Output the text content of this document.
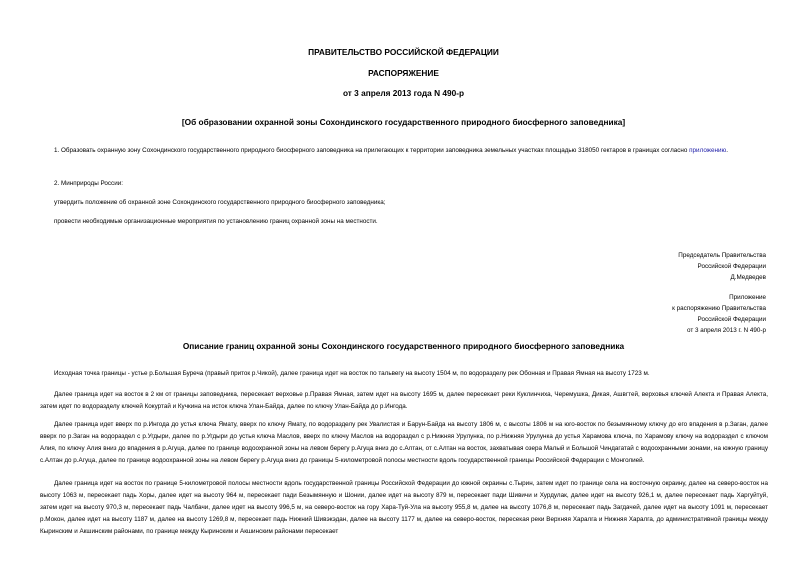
ПРАВИТЕЛЬСТВО РОССИЙСКОЙ ФЕДЕРАЦИИ
РАСПОРЯЖЕНИЕ
от 3 апреля 2013 года N 490-р
[Об образовании охранной зоны Сохондинского государственного природного биосферного заповедника]
1. Образовать охранную зону Сохондинского государственного природного биосферного заповедника на прилегающих к территории заповедника земельных участках площадью 318050 гектаров в границах согласно приложению.
2. Минприроды России:
утвердить положение об охранной зоне Сохондинского государственного природного биосферного заповедника;
провести необходимые организационные мероприятия по установлению границ охранной зоны на местности.
Председатель Правительства
Российской Федерации
Д.Медведев
Приложение
к распоряжению Правительства
Российской Федерации
от 3 апреля 2013 г. N 490-р
Описание границ охранной зоны Сохондинского государственного природного биосферного заповедника
Исходная точка границы - устье р.Большая Буреча (правый приток р.Чикой), далее граница идет на восток по тальвегу на высоту 1504 м, по водоразделу рек Обонная и Правая Ямная на высоту 1723 м.
Далее граница идет на восток в 2 км от границы заповедника, пересекает верховье р.Правая Ямная, затем идет на высоту 1695 м, далее пересекает реки Куклинчиха, Черемушка, Дикая, Ашвгтей, верховья ключей Алекта и Правая Алекта, затем идет по водоразделу ключей Кокуртай и Кучкина на исток ключа Улан-Байда, далее по ключу Улан-Байда до р.Ингода.
Далее граница идет вверх по р.Ингода до устья ключа Ямату, вверх по ключу Ямату, по водоразделу рек Увалистая и Барун-Байда на высоту 1806 м, с высоты 1806 м на юго-восток по безымянному ключу до его впадения в р.Заган, далее вверх по р.Заган на водораздел с р.Угдыри, далее по р.Угдыри до устья ключа Маслов, вверх по ключу Маслов на водораздел с р.Нижняя Урулунка, по р.Нижняя Урулунка до устья Харамова ключа, по Харамову ключу на водораздел с ключом Алия, по ключу Алия вниз до впадения в р.Агуца, далее по границе водоохранной зоны на левом берегу р.Агуца вниз до с.Алтан, от с.Алтан на восток, захватывая озера Малый и Большой Чиндагатай с водоохранными зонами, на южную границу с.Алтан до р.Агуца, далее по границе водоохранной зоны на левом берегу р.Агуца вниз до границы 5-километровой полосы местности вдоль государственной границы Российской Федерации с Монголией.
Далее граница идет на восток по границе 5-километровой полосы местности вдоль государственной границы Российской Федерации до южной окраины с.Тырин, затем идет по границе села на восточную окраину, далее на северо-восток на высоту 1063 м, пересекает падь Хоры, далее идет на высоту 964 м, пересекает пади Безымянную и Шонии, далее идет на высоту 879 м, пересекает пади Шивичи и Хурдулак, далее идет на высоту 926,1 м, далее пересекает падь Харгуйтуй, затем идет на высоту 970,3 м, пересекает падь Чалбачи, далее идет на высоту 996,5 м, на северо-восток на гору Хара-Туй-Ула на высоту 955,8 м, далее на высоту 1076,8 м, пересекает падь Загдачей, далее идет на высоту 1091 м, пересекает р.Мокон, далее идет на высоту 1187 м, далее на высоту 1269,8 м, пересекает падь Нижний Шивэкэдан, далее на высоту 1177 м, далее на северо-восток, пересекая реки Верхняя Харалга и Нижняя Харалга, до административной границы между Кыринским и Акшинским районами, по границе между Кыринским и Акшинским районами пересекает
